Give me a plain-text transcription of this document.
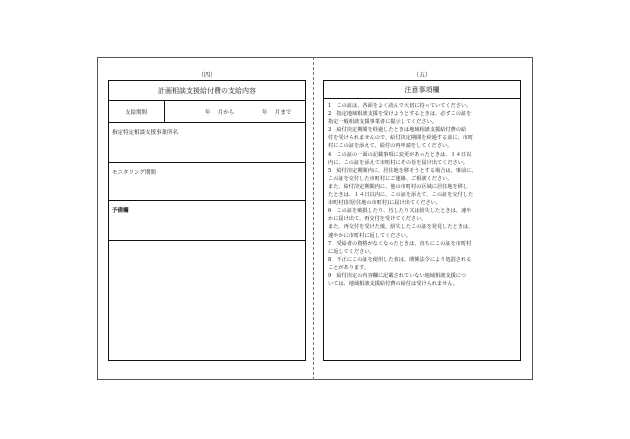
（四）
計画相談支援給付費の支給内容
支給期間	年　 月から	年　 月まで
指定特定相談支援事業所名
モニタリング期間
予備欄
（五）
注意事項欄

1　この証は、各面をよく読んで大切に持っていてください。

2　指定地域相談支援を受けようとするときは、必ずこの証を

指定一般相談支援事業者に提示してください。

3　給付決定期間を経過したときは地域相談支援給付費の給

付を受けられませんので、給付決定期間を経過する前に、市町

村にこの証を添えて、給付の再申請をしてください。

4　この証の一面の記載事項に変更があったときは、１４日以

内に、この証を添えて市町村にその旨を届け出てください。

5　給付決定期間内に、居住地を移そうとする場合は、事前に、

この証を交付した市町村にご連絡、ご相談ください。

また、給付決定期間内に、他の市町村の区域に居住地を移し

たときは、１４日以内に、この証を添えて、この証を交付した

市町村(旧居住地の市町村)に届け出てください。

6　この証を破損したり、汚したり又は紛失したときは、速や

かに届け出て、再交付を受けてください。

また、再交付を受けた後、紛失したこの証を発見したときは、

速やかに市町村に返してください。

7　受給者の資格がなくなったときは、直ちにこの証を市町村

に返してください。

8　不正にこの証を使用した者は、関係法令により処罰される

ことがあります。

9　給付決定の内容欄に記載されていない地域相談支援につ

いては、地域相談支援給付費の給付は受けられません。
